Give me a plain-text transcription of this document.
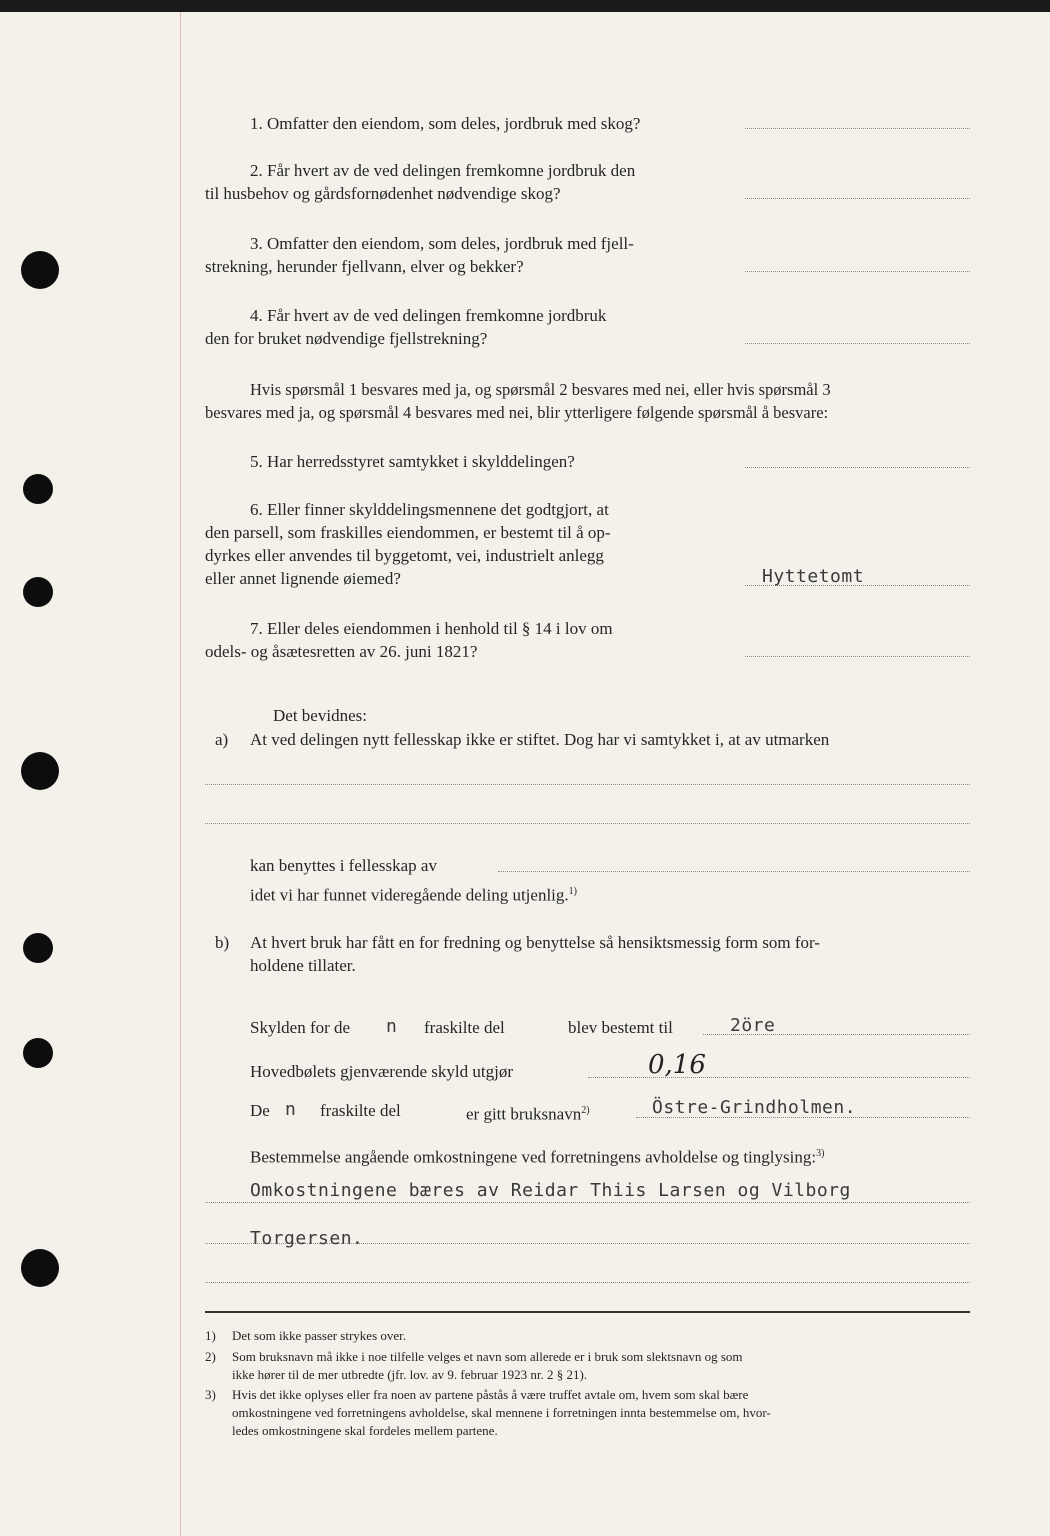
1. Omfatter den eiendom, som deles, jordbruk med skog?
2. Får hvert av de ved delingen fremkomne jordbruk den
til husbehov og gårdsfornødenhet nødvendige skog?
3. Omfatter den eiendom, som deles, jordbruk med fjell-
strekning, herunder fjellvann, elver og bekker?
4. Får hvert av de ved delingen fremkomne jordbruk
den for bruket nødvendige fjellstrekning?
Hvis spørsmål 1 besvares med ja, og spørsmål 2 besvares med nei, eller hvis spørsmål 3
besvares med ja, og spørsmål 4 besvares med nei, blir ytterligere følgende spørsmål å besvare:
5. Har herredsstyret samtykket i skylddelingen?
6. Eller finner skylddelingsmennene det godtgjort, at
den parsell, som fraskilles eiendommen, er bestemt til å op-
dyrkes eller anvendes til byggetomt, vei, industrielt anlegg
eller annet lignende øiemed?	Hyttetomt
7. Eller deles eiendommen i henhold til § 14 i lov om
odels- og åsætesretten av 26. juni 1821?
Det bevidnes:
a) At ved delingen nytt fellesskap ikke er stiftet. Dog har vi samtykket i, at av utmarken
kan benyttes i fellesskap av
idet vi har funnet videregående deling utjenlig.$^{1)}$
b) At hvert bruk har fått en for fredning og benyttelse så hensiktsmessig form som for-
holdene tillater.
Skylden for de n fraskilte del	blev bestemt til	2öre
Hovedbølets gjenværende skyld utgjør	0,16
De n fraskilte del	er gitt bruksnavn$^{2)}$	Östre-Grindholmen.
Bestemmelse angående omkostningene ved forretningens avholdelse og tinglysing:$^{3)}$
Omkostningene bæres av Reidar Thiis Larsen og Vilborg
Torgersen.
1) Det som ikke passer strykes over.
2) Som bruksnavn må ikke i noe tilfelle velges et navn som allerede er i bruk som slektsnavn og som
ikke hører til de mer utbredte (jfr. lov. av 9. februar 1923 nr. 2 § 21).
3) Hvis det ikke oplyses eller fra noen av partene påstås å være truffet avtale om, hvem som skal bære
omkostningene ved forretningens avholdelse, skal mennene i forretningen innta bestemmelse om, hvor-
ledes omkostningene skal fordeles mellem partene.
